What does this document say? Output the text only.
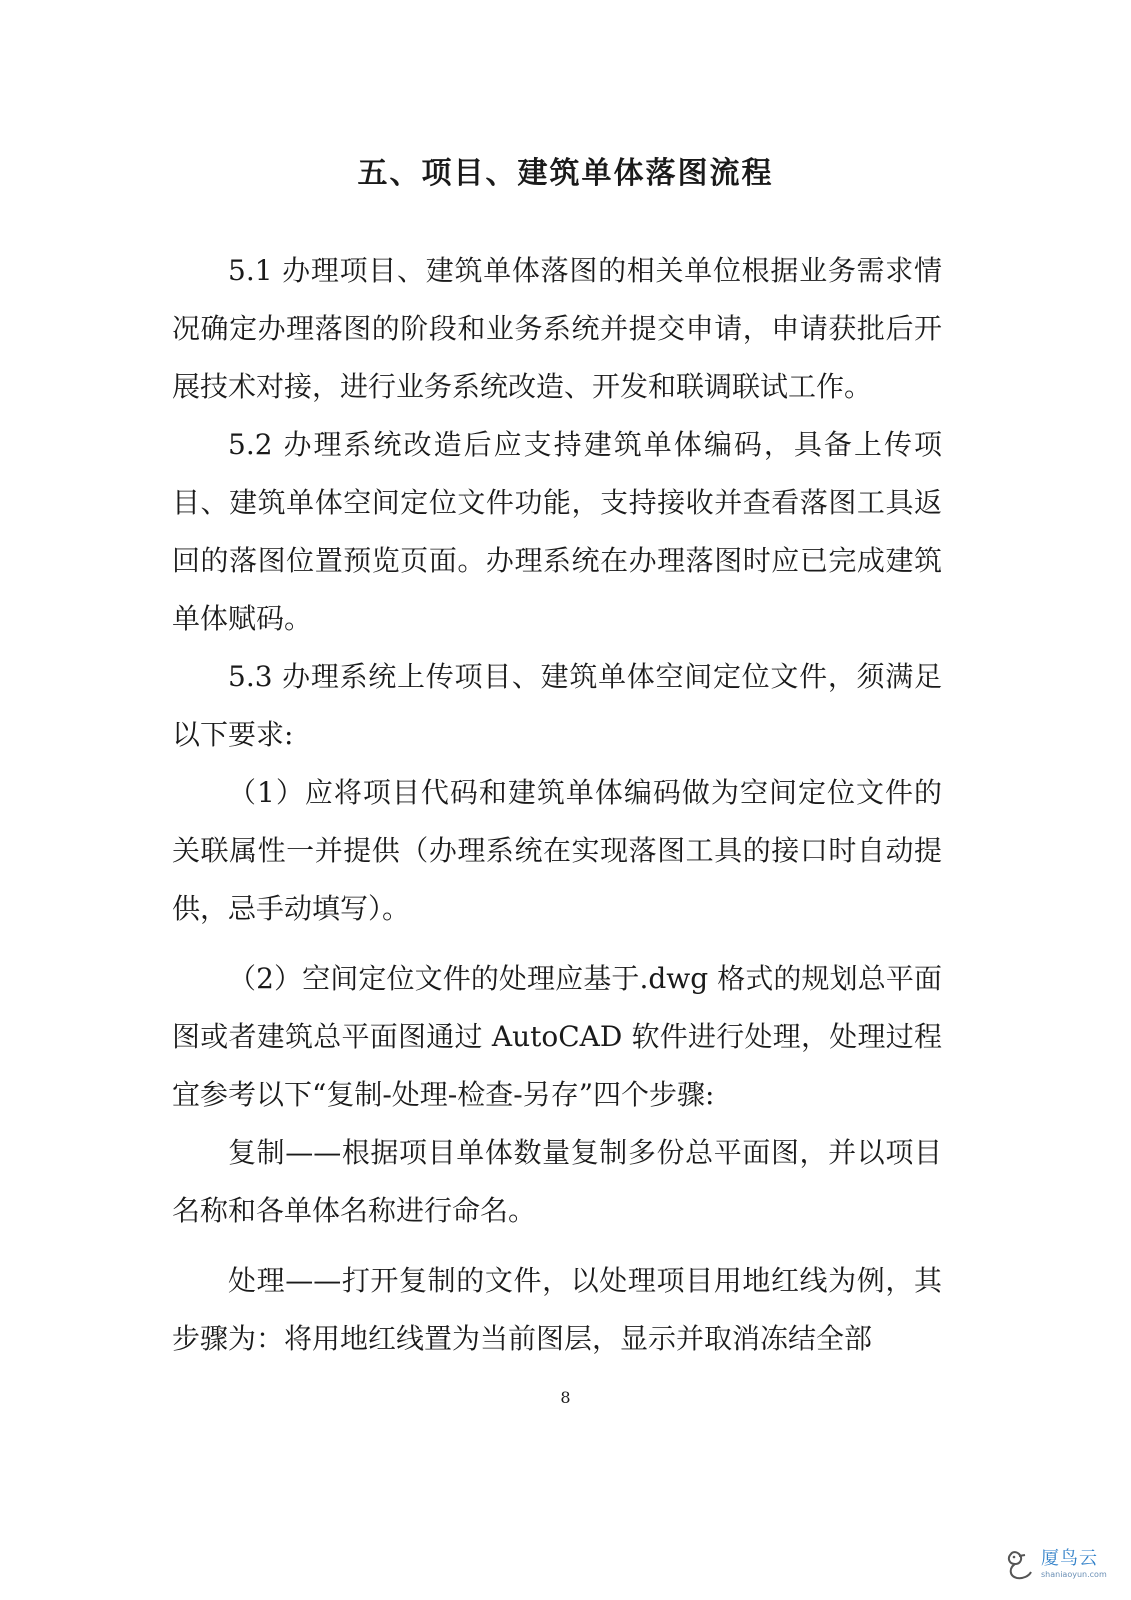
五、项目、建筑单体落图流程

5.1 办理项目、建筑单体落图的相关单位根据业务需求情况确定办理落图的阶段和业务系统并提交申请，申请获批后开展技术对接，进行业务系统改造、开发和联调联试工作。

5.2 办理系统改造后应支持建筑单体编码，具备上传项目、建筑单体空间定位文件功能，支持接收并查看落图工具返回的落图位置预览页面。办理系统在办理落图时应已完成建筑单体赋码。

5.3 办理系统上传项目、建筑单体空间定位文件，须满足以下要求:

（1）应将项目代码和建筑单体编码做为空间定位文件的关联属性一并提供（办理系统在实现落图工具的接口时自动提供，忌手动填写）。

（2）空间定位文件的处理应基于.dwg 格式的规划总平面图或者建筑总平面图通过 AutoCAD 软件进行处理，处理过程宜参考以下“复制-处理-检查-另存”四个步骤:

复制——根据项目单体数量复制多份总平面图，并以项目名称和各单体名称进行命名。

处理——打开复制的文件，以处理项目用地红线为例，其步骤为：将用地红线置为当前图层，显示并取消冻结全部

8
厦鸟云
shaniaoyun.com
